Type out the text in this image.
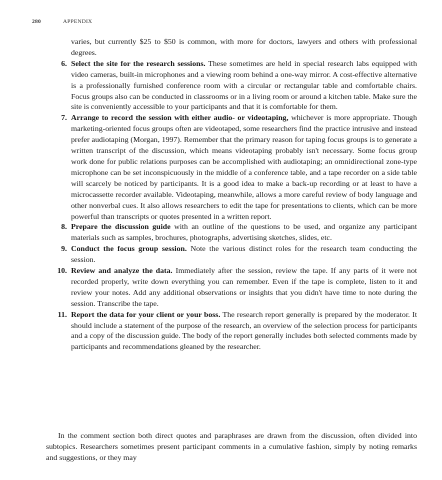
280	APPENDIX
varies, but currently $25 to $50 is common, with more for doctors, lawyers and others with professional degrees.
6. Select the site for the research sessions. These sometimes are held in special research labs equipped with video cameras, built-in microphones and a viewing room behind a one-way mirror. A cost-effective alternative is a professionally furnished conference room with a circular or rectangular table and comfortable chairs. Focus groups also can be conducted in classrooms or in a living room or around a kitchen table. Make sure the site is conveniently accessible to your participants and that it is comfortable for them.
7. Arrange to record the session with either audio- or videotaping, whichever is more appropriate. Though marketing-oriented focus groups often are videotaped, some researchers find the practice intrusive and instead prefer audiotaping (Morgan, 1997). Remember that the primary reason for taping focus groups is to generate a written transcript of the discussion, which means videotaping probably isn't necessary. Some focus group work done for public relations purposes can be accomplished with audiotaping; an omnidirectional zone-type microphone can be set inconspicuously in the middle of a conference table, and a tape recorder on a side table will scarcely be noticed by participants. It is a good idea to make a back-up recording or at least to have a microcassette recorder available. Videotaping, meanwhile, allows a more careful review of body language and other nonverbal cues. It also allows researchers to edit the tape for presentations to clients, which can be more powerful than transcripts or quotes presented in a written report.
8. Prepare the discussion guide with an outline of the questions to be used, and organize any participant materials such as samples, brochures, photographs, advertising sketches, slides, etc.
9. Conduct the focus group session. Note the various distinct roles for the research team conducting the session.
10. Review and analyze the data. Immediately after the session, review the tape. If any parts of it were not recorded properly, write down everything you can remember. Even if the tape is complete, listen to it and review your notes. Add any additional observations or insights that you didn't have time to note during the session. Transcribe the tape.
11. Report the data for your client or your boss. The research report generally is prepared by the moderator. It should include a statement of the purpose of the research, an overview of the selection process for participants and a copy of the discussion guide. The body of the report generally includes both selected comments made by participants and recommendations gleaned by the researcher.
In the comment section both direct quotes and paraphrases are drawn from the discussion, often divided into subtopics. Researchers sometimes present participant comments in a cumulative fashion, simply by noting remarks and suggestions, or they may
